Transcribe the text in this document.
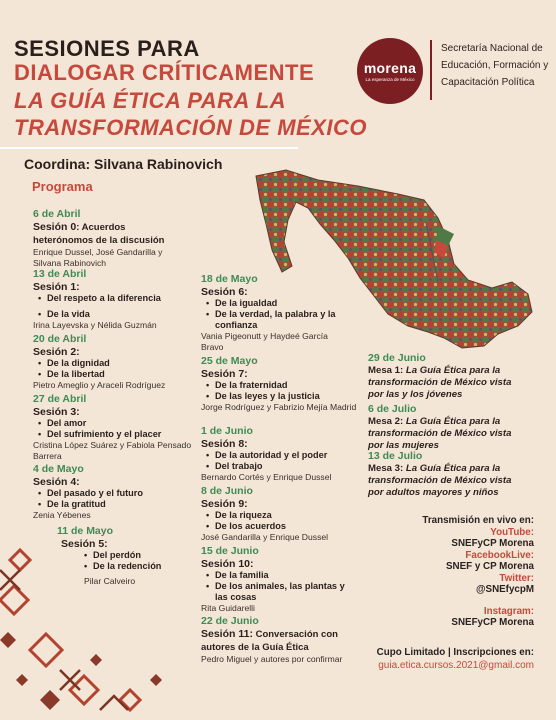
SESIONES PARA
DIALOGAR CRÍTICAMENTE
LA GUÍA ÉTICA PARA LA
TRANSFORMACIÓN DE MÉXICO
morena
La esperanza de México
Secretaría Nacional de Educación, Formación y Capacitación Política
Coordina: Silvana Rabinovich
Programa
6 de Abril
Sesión 0: Acuerdos heterónomos de la discusión
Enrique Dussel, José Gandarilla y Silvana Rabinovich
13 de Abril
Sesión 1:
• Del respeto a la diferencia
• De la vida
Irina Layevska y Nélida Guzmán
20 de Abril
Sesión 2:
• De la dignidad
• De la libertad
Pietro Ameglio y Araceli Rodríguez
27 de Abril
Sesión 3:
• Del amor
• Del sufrimiento y el placer
Cristina López Suárez y Fabiola Pensado Barrera
4 de Mayo
Sesión 4:
• Del pasado y el futuro
• De la gratitud
Zenia Yébenes
11 de Mayo
Sesión 5:
• Del perdón
• De la redención
Pilar Calveiro
18 de Mayo
Sesión 6:
• De la igualdad
• De la verdad, la palabra y la confianza
Vania Pigeonutt y Haydeé García Bravo
25 de Mayo
Sesión 7:
• De la fraternidad
• De las leyes y la justicia
Jorge Rodríguez y Fabrizio Mejía Madrid
1 de Junio
Sesión 8:
• De la autoridad y el poder
• Del trabajo
Bernardo Cortés y Enrique Dussel
8 de Junio
Sesión 9:
• De la riqueza
• De los acuerdos
José Gandarilla y Enrique Dussel
15 de Junio
Sesión 10:
• De la familia
• De los animales, las plantas y las cosas
Rita Guidarelli
22 de Junio
Sesión 11: Conversación con autores de la Guía Ética
Pedro Miguel y autores por confirmar
29 de Junio
Mesa 1: La Guía Ética para la transformación de México vista por las y los jóvenes
6 de Julio
Mesa 2: La Guía Ética para la transformación de México vista por las mujeres
13 de Julio
Mesa 3: La Guía Ética para la transformación de México vista por adultos mayores y niños
Transmisión en vivo en:
YouTube:
SNEFyCP Morena
FacebookLive:
SNEF y CP Morena
Twitter:
@SNEfycpM
Instagram:
SNEFyCP Morena
Cupo Limitado | Inscripciones en:
guia.etica.cursos.2021@gmail.com
